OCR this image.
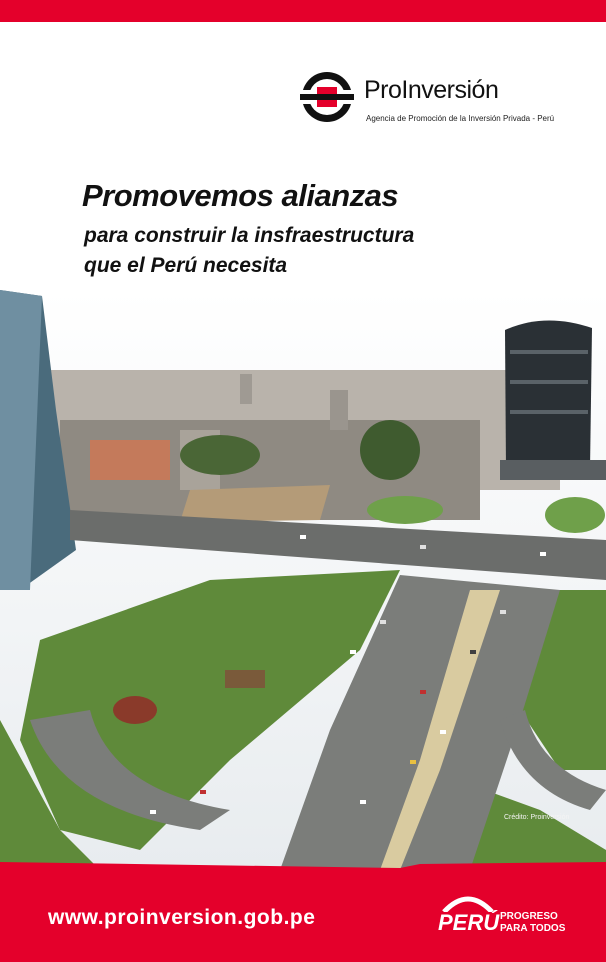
ProInversión
Agencia de Promoción de la Inversión Privada - Perú
Promovemos alianzas
para construir la insfraestructura
que el Perú necesita
Crédito: Proinversión
www.proinversion.gob.pe	PERÚ PROGRESO
PARA TODOS
